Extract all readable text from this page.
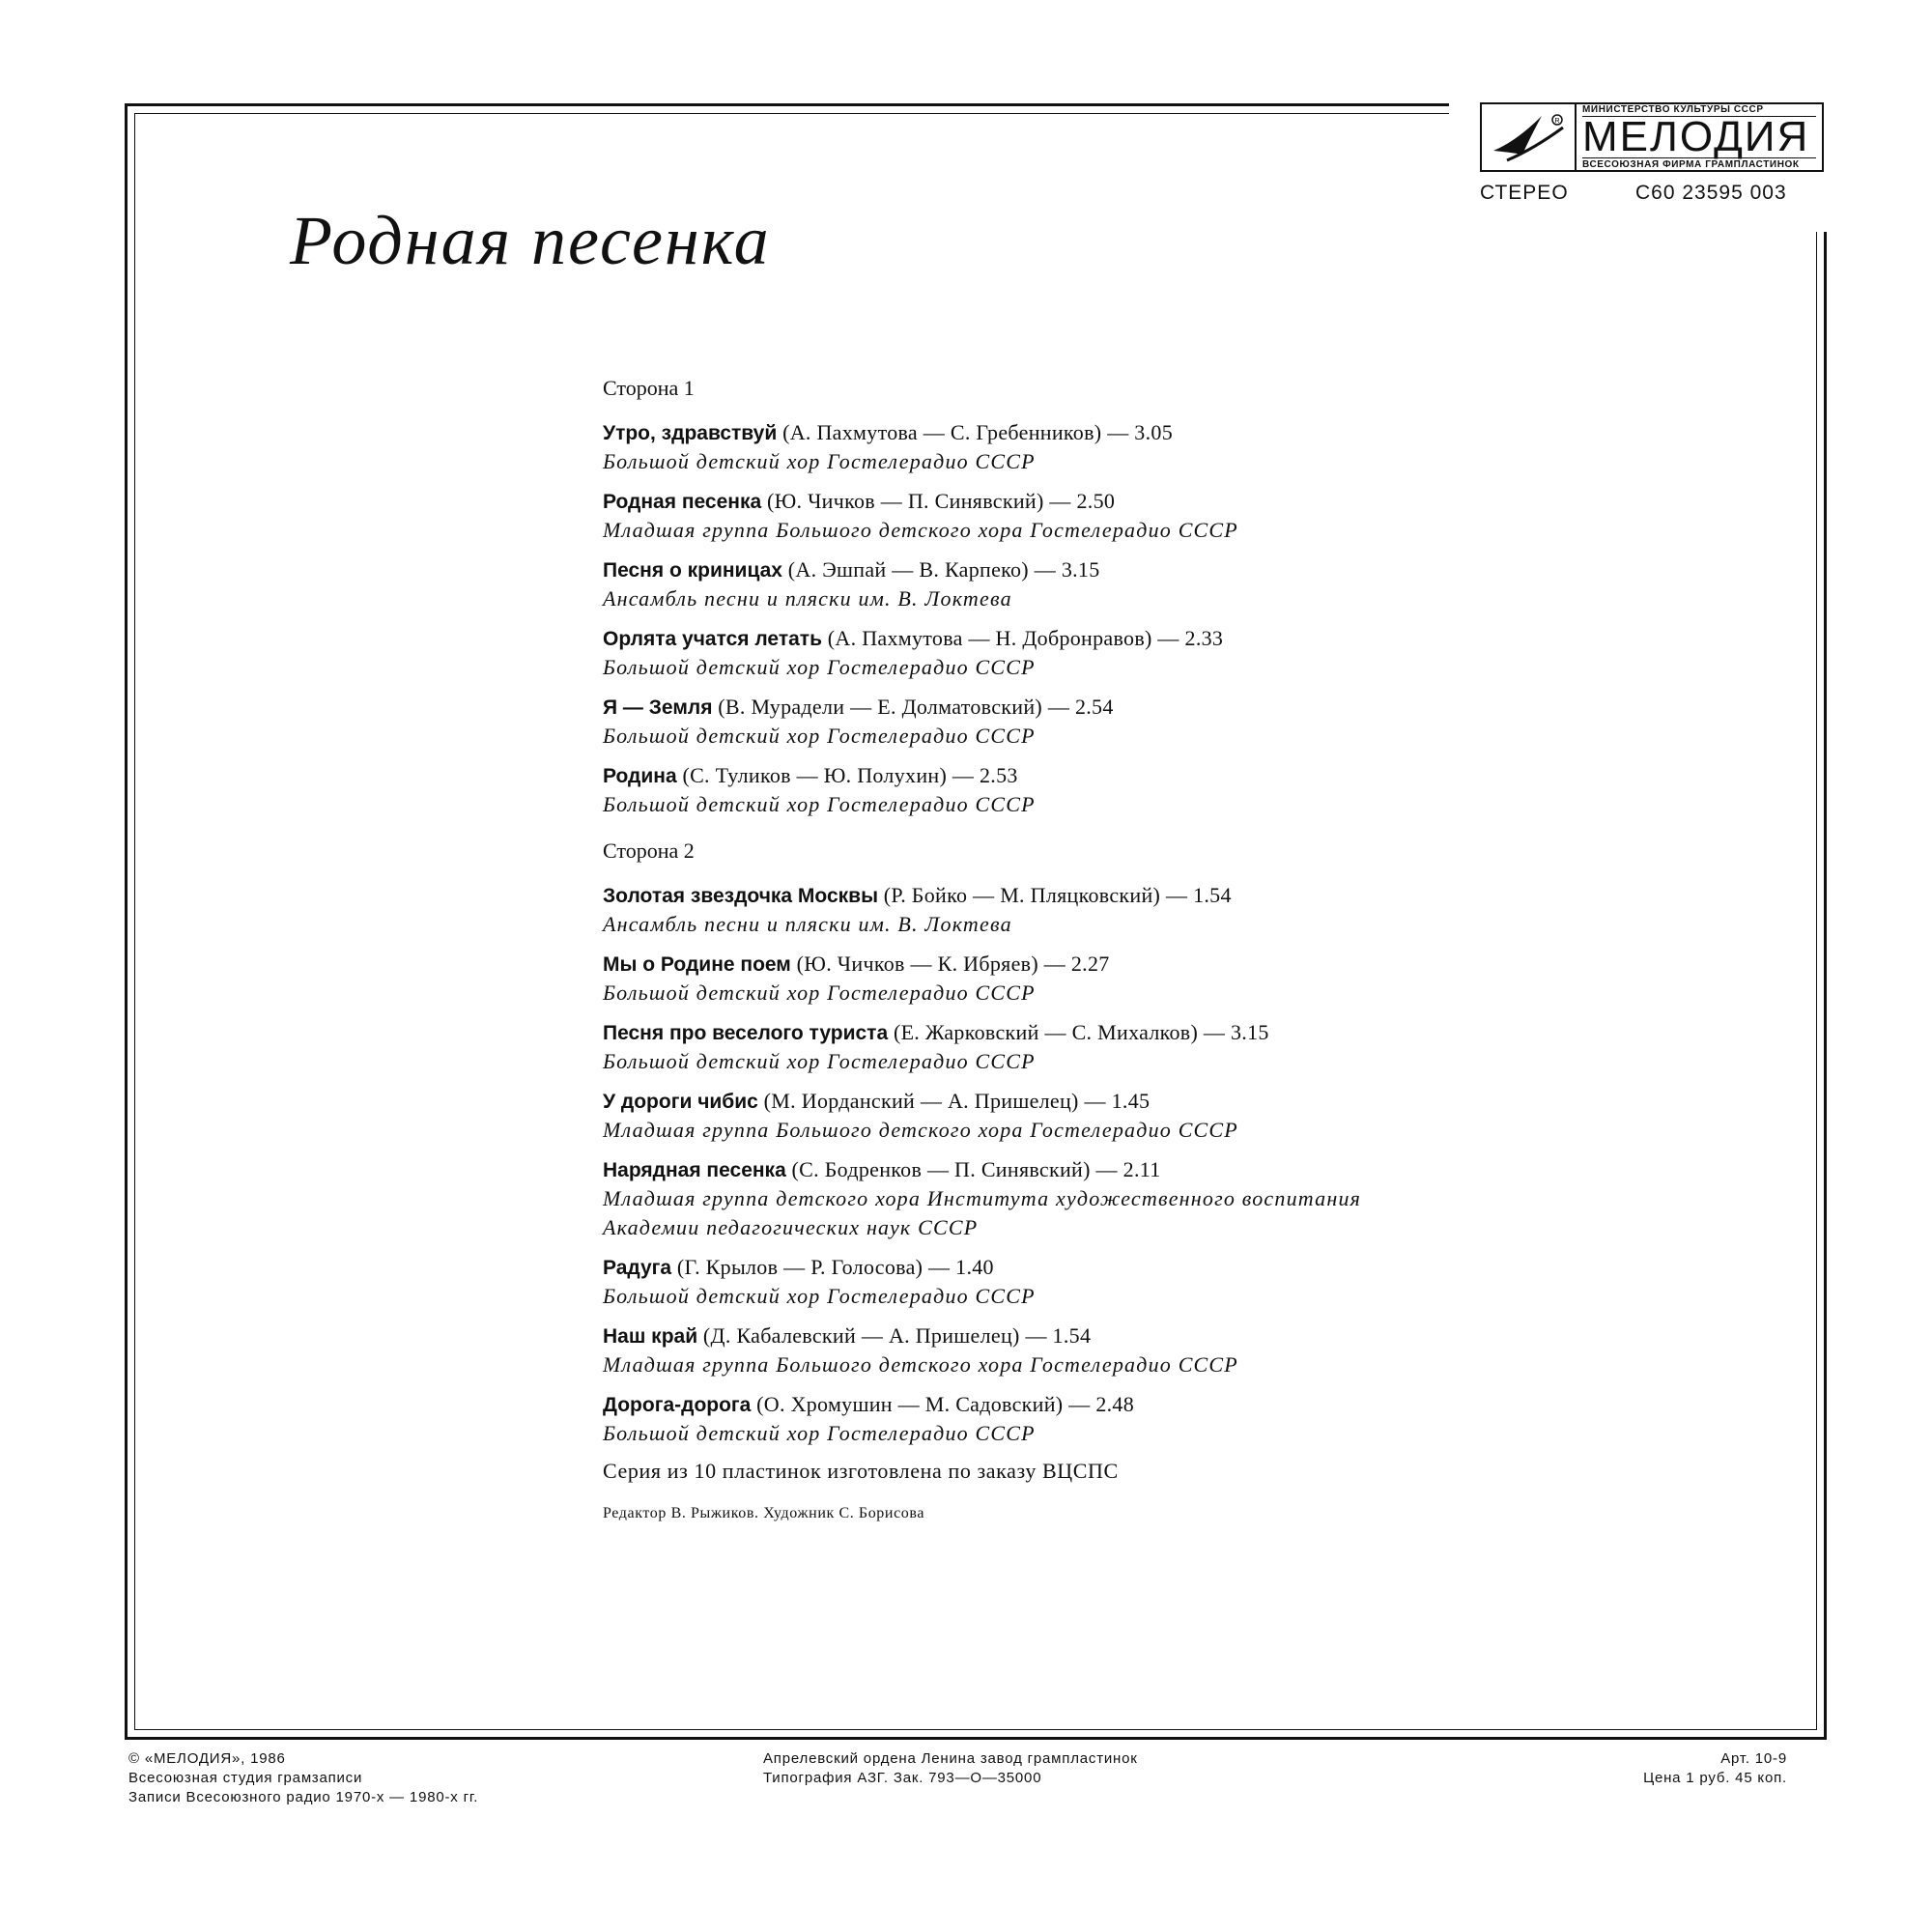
R
МИНИСТЕРСТВО КУЛЬТУРЫ СССР
МЕЛОДИЯ
ВСЕСОЮЗНАЯ ФИРМА ГРАМПЛАСТИНОК
СТЕРЕО	С60 23595 003
Родная песенка
Сторона 1
Утро, здравствуй (А. Пахмутова — С. Гребенников) — 3.05
Большой детский хор Гостелерадио СССР
Родная песенка (Ю. Чичков — П. Синявский) — 2.50
Младшая группа Большого детского хора Гостелерадио СССР
Песня о криницах (А. Эшпай — В. Карпеко) — 3.15
Ансамбль песни и пляски им. В. Локтева
Орлята учатся летать (А. Пахмутова — Н. Добронравов) — 2.33
Большой детский хор Гостелерадио СССР
Я — Земля (В. Мурадели — Е. Долматовский) — 2.54
Большой детский хор Гостелерадио СССР
Родина (С. Туликов — Ю. Полухин) — 2.53
Большой детский хор Гостелерадио СССР
Сторона 2
Золотая звездочка Москвы (Р. Бойко — М. Пляцковский) — 1.54
Ансамбль песни и пляски им. В. Локтева
Мы о Родине поем (Ю. Чичков — К. Ибряев) — 2.27
Большой детский хор Гостелерадио СССР
Песня про веселого туриста (Е. Жарковский — С. Михалков) — 3.15
Большой детский хор Гостелерадио СССР
У дороги чибис (М. Иорданский — А. Пришелец) — 1.45
Младшая группа Большого детского хора Гостелерадио СССР
Нарядная песенка (С. Бодренков — П. Синявский) — 2.11
Младшая группа детского хора Института художественного воспитания
Академии педагогических наук СССР
Радуга (Г. Крылов — Р. Голосова) — 1.40
Большой детский хор Гостелерадио СССР
Наш край (Д. Кабалевский — А. Пришелец) — 1.54
Младшая группа Большого детского хора Гостелерадио СССР
Дорога-дорога (О. Хромушин — М. Садовский) — 2.48
Большой детский хор Гостелерадио СССР
Серия из 10 пластинок изготовлена по заказу ВЦСПС
Редактор В. Рыжиков. Художник С. Борисова
© «МЕЛОДИЯ», 1986
Всесоюзная студия грамзаписи
Записи Всесоюзного радио 1970-х — 1980-х гг.
Апрелевский ордена Ленина завод грампластинок
Типография АЗГ. Зак. 793—О—35000
Арт. 10-9
Цена 1 руб. 45 коп.
